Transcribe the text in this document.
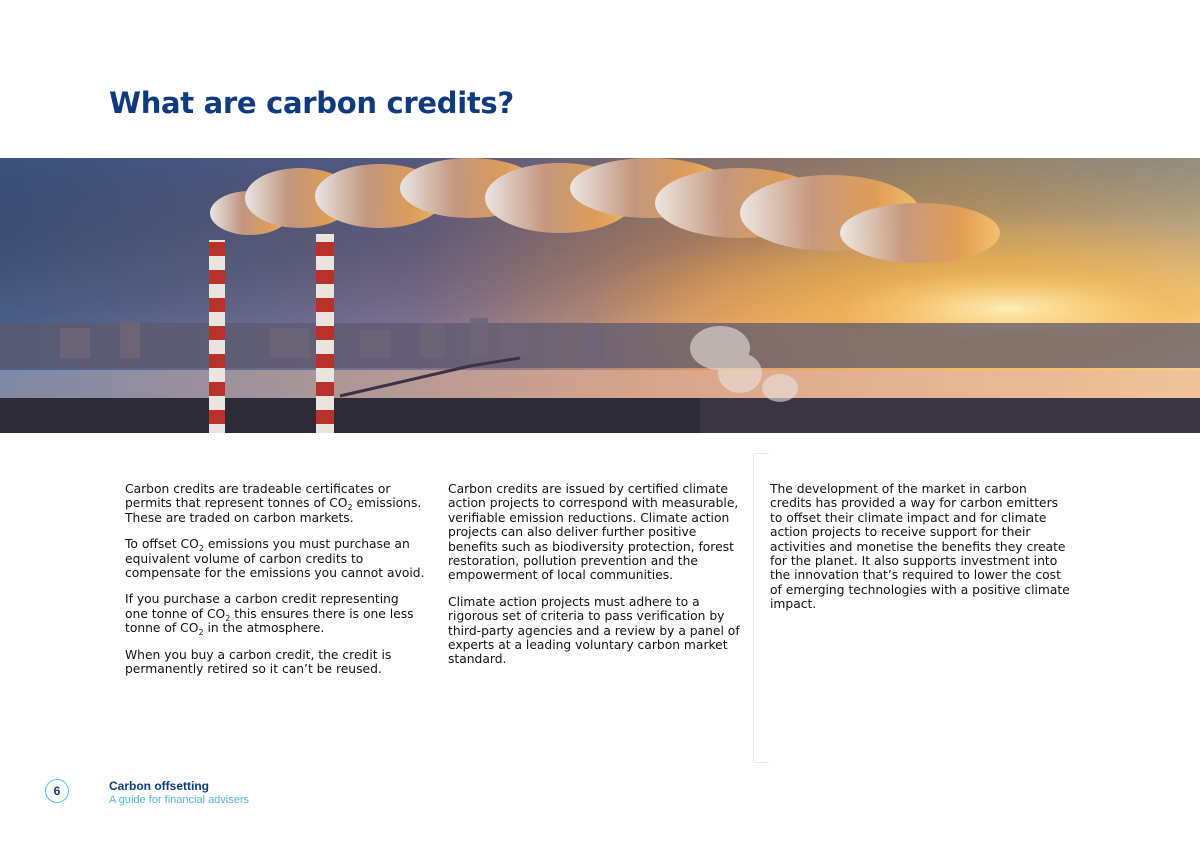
What are carbon credits?

Carbon credits are tradeable certificates or permits that represent tonnes of $CO_2$ emissions. These are traded on carbon markets.

To offset $CO_2$ emissions you must purchase an equivalent volume of carbon credits to compensate for the emissions you cannot avoid.

If you purchase a carbon credit representing one tonne of $CO_2$ this ensures there is one less tonne of $CO_2$ in the atmosphere.

When you buy a carbon credit, the credit is permanently retired so it can’t be reused.

Carbon credits are issued by certified climate action projects to correspond with measurable, verifiable emission reductions. Climate action projects can also deliver further positive benefits such as biodiversity protection, forest restoration, pollution prevention and the empowerment of local communities.

Climate action projects must adhere to a rigorous set of criteria to pass verification by third-party agencies and a review by a panel of experts at a leading voluntary carbon market standard.

The development of the market in carbon credits has provided a way for carbon emitters to offset their climate impact and for climate action projects to receive support for their activities and monetise the benefits they create for the planet. It also supports investment into the innovation that’s required to lower the cost of emerging technologies with a positive climate impact.

6	Carbon offsetting
A guide for financial advisers
